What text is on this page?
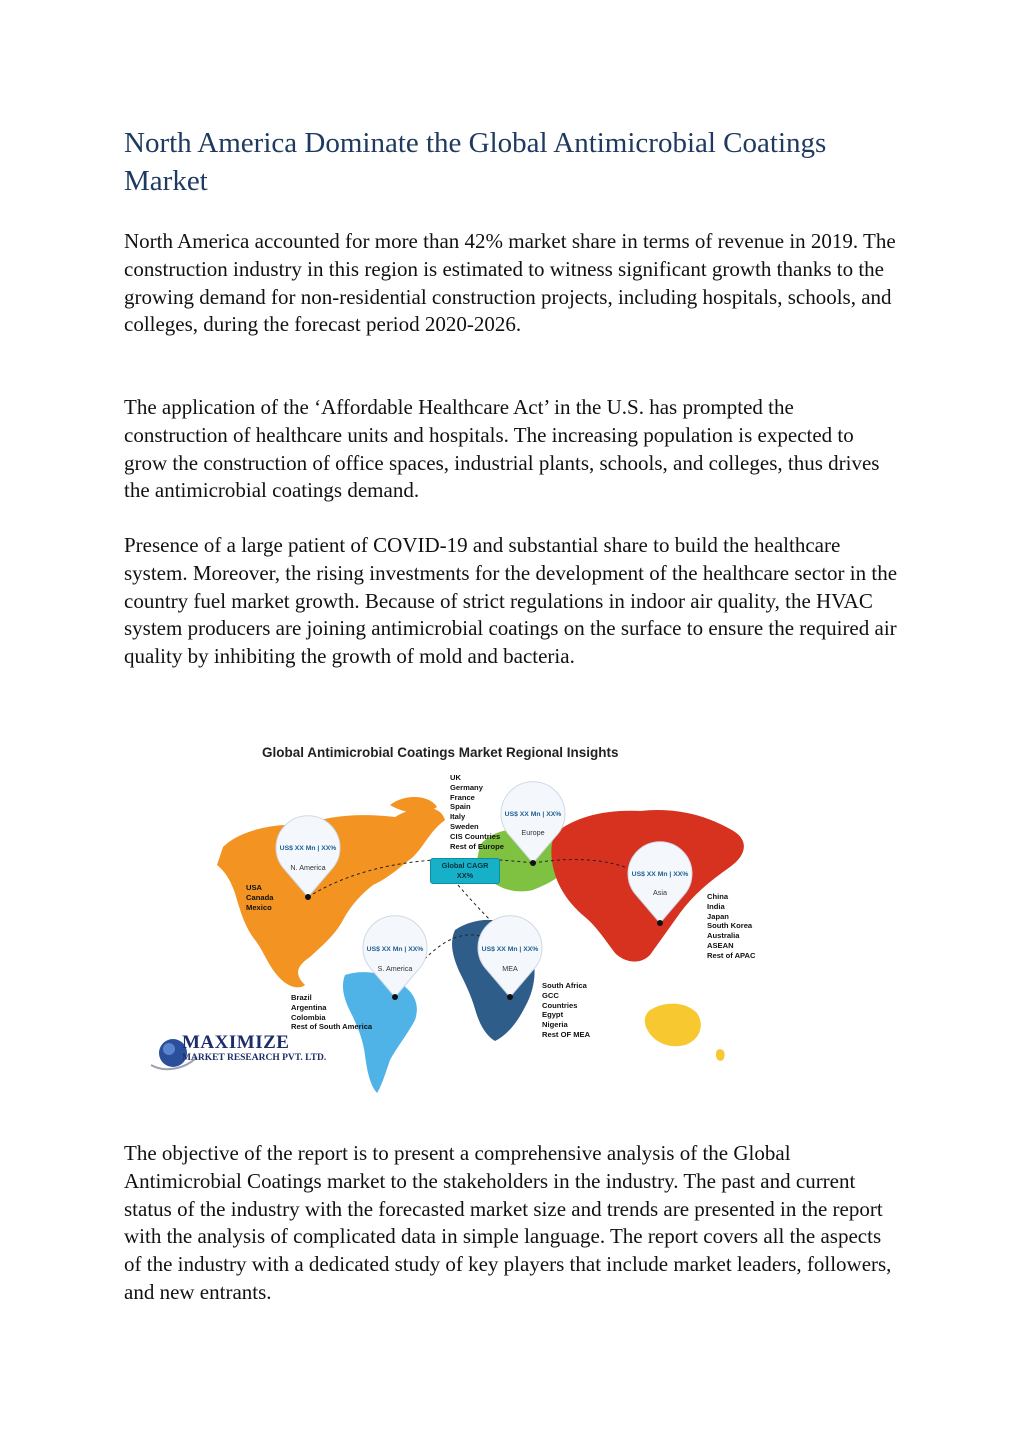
North America Dominate the Global Antimicrobial Coatings Market

North America accounted for more than 42% market share in terms of revenue in 2019. The construction industry in this region is estimated to witness significant growth thanks to the growing demand for non-residential construction projects, including hospitals, schools, and colleges, during the forecast period 2020-2026.

The application of the ‘Affordable Healthcare Act’ in the U.S. has prompted the construction of healthcare units and hospitals. The increasing population is expected to grow the construction of office spaces, industrial plants, schools, and colleges, thus drives the antimicrobial coatings demand.

Presence of a large patient of COVID-19 and substantial share to build the healthcare system. Moreover, the rising investments for the development of the healthcare sector in the country fuel market growth. Because of strict regulations in indoor air quality, the HVAC system producers are joining antimicrobial coatings on the surface to ensure the required air quality by inhibiting the growth of mold and bacteria.

Global Antimicrobial Coatings Market Regional Insights
Global CAGR
XX%
US$ XX Mn | XX%
N. America
US$ XX Mn | XX%
Europe
US$ XX Mn | XX%
Asia
US$ XX Mn | XX%
S. America
US$ XX Mn | XX%
MEA
USA
Canada
Mexico
UK
Germany
France
Spain
Italy
Sweden
CIS Countries
Rest of Europe
China
India
Japan
South Korea
Australia
ASEAN
Rest of APAC
Brazil
Argentina
Colombia
Rest of South America
South Africa
GCC
Countries
Egypt
Nigeria
Rest OF MEA
MAXIMIZE
MARKET RESEARCH PVT. LTD.

The objective of the report is to present a comprehensive analysis of the Global Antimicrobial Coatings market to the stakeholders in the industry. The past and current status of the industry with the forecasted market size and trends are presented in the report with the analysis of complicated data in simple language. The report covers all the aspects of the industry with a dedicated study of key players that include market leaders, followers, and new entrants.
